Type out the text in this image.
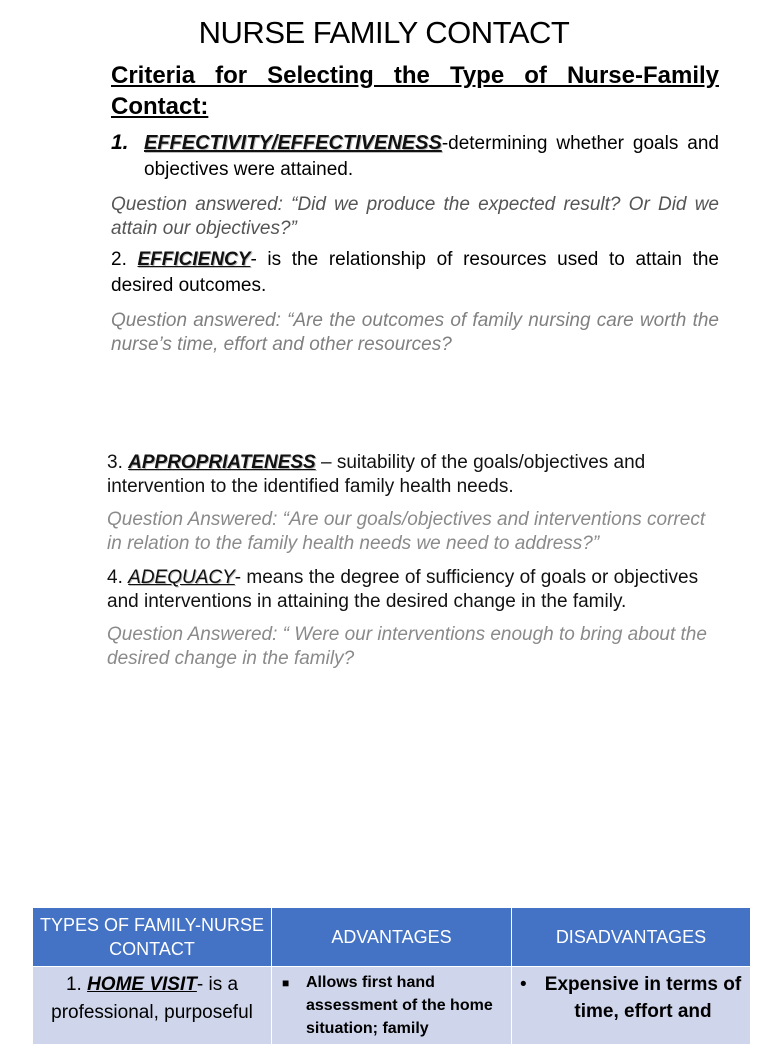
NURSE FAMILY CONTACT
Criteria for Selecting the Type of Nurse-Family Contact:
1. EFFECTIVITY/EFFECTIVENESS-determining whether goals and objectives were attained.
Question answered: “Did we produce the expected result? Or Did we attain our objectives?”
2. EFFICIENCY- is the relationship of resources used to attain the desired outcomes.
Question answered: “Are the outcomes of family nursing care worth the nurse’s time, effort and other resources?
3. APPROPRIATENESS – suitability of the goals/objectives and intervention to the identified family health needs.
Question Answered: “Are our goals/objectives and interventions correct in relation to the family health needs we need to address?”
4. ADEQUACY- means the degree of sufficiency of goals or objectives and interventions in attaining the desired change in the family.
Question Answered: “ Were our interventions enough to bring about the desired change in the family?
TYPES OF FAMILY-NURSE CONTACT	ADVANTAGES	DISADVANTAGES
1. HOME VISIT- is a professional, purposeful	■ Allows first hand assessment of the home situation; family	• Expensive in terms of time, effort and
